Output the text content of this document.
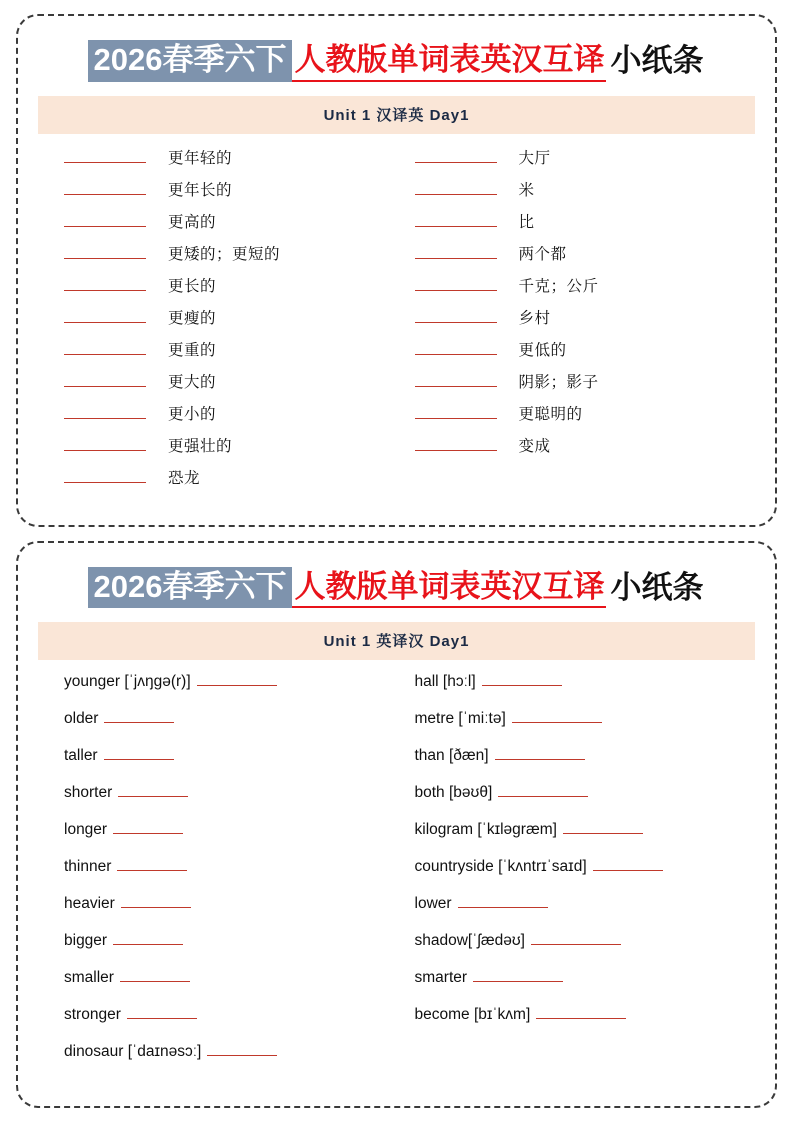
2026春季六下 人教版单词表英汉互译 小纸条
Unit 1 汉译英 Day1
更年轻的
更年长的
更高的
更矮的；更短的
更长的
更瘦的
更重的
更大的
更小的
更强壮的
恐龙
大厅
米
比
两个都
千克；公斤
乡村
更低的
阴影；影子
更聪明的
变成
2026春季六下 人教版单词表英汉互译 小纸条
Unit 1 英译汉 Day1
younger [ˈjʌŋɡə(r)]
older
taller
shorter
longer
thinner
heavier
bigger
smaller
stronger
dinosaur [ˈdaɪnəsɔː]
hall [hɔːl]
metre [ˈmiːtə]
than [ðæn]
both [bəʊθ]
kilogram [ˈkɪləɡræm]
countryside [ˈkʌntrɪˈsaɪd]
lower
shadow[ˈʃædəʊ]
smarter
become [bɪˈkʌm]
